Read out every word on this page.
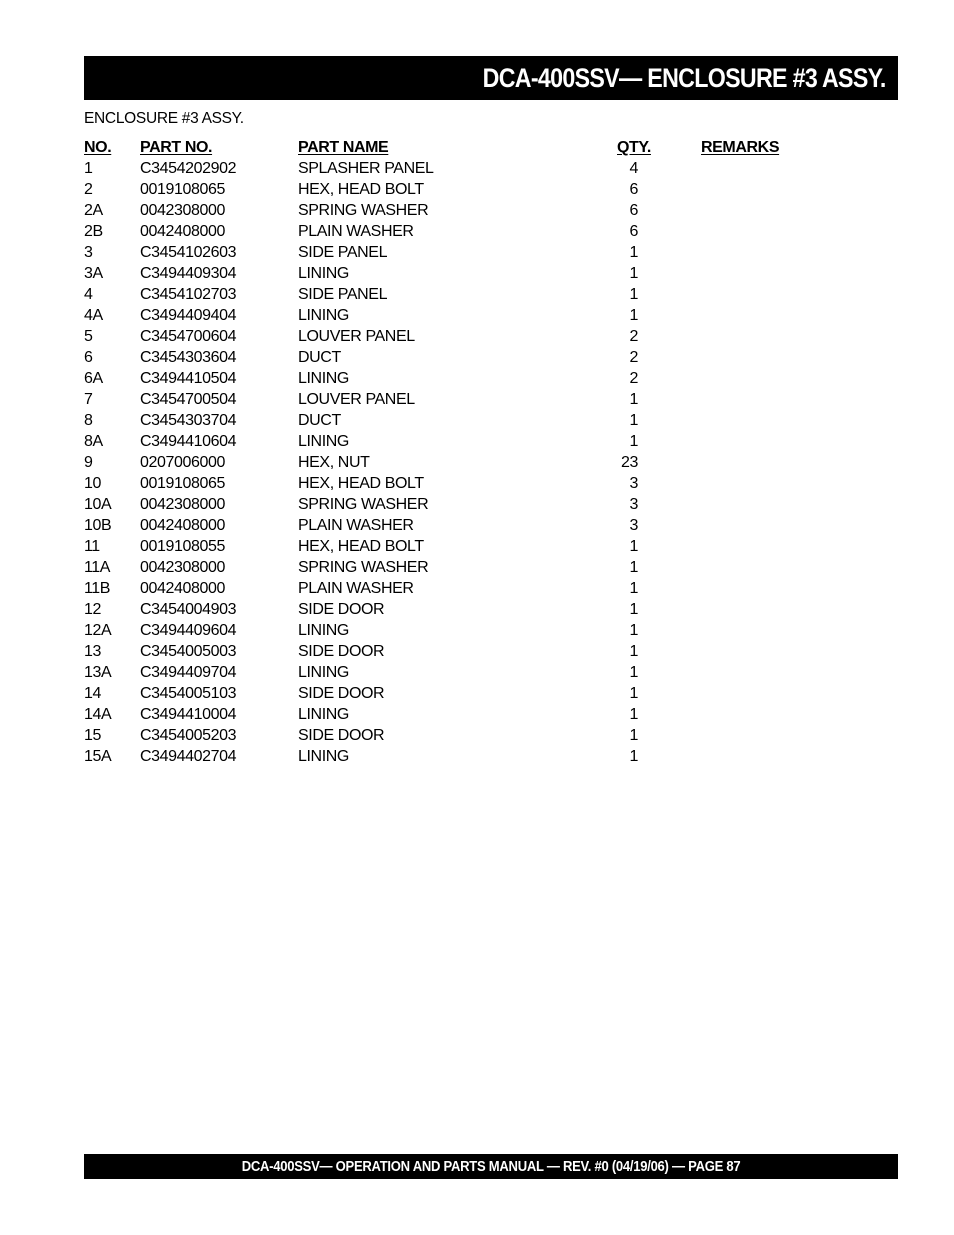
DCA-400SSV— ENCLOSURE #3 ASSY.
ENCLOSURE #3 ASSY.
NO. PART NO.	PART NAME	QTY.	REMARKS
1	C3454202902	SPLASHER PANEL	4
2	0019108065	HEX, HEAD BOLT	6
2A 0042308000	SPRING WASHER	6
2B 0042408000	PLAIN WASHER	6
3	C3454102603	SIDE PANEL	1
3A C3494409304	LINING	1
4	C3454102703	SIDE PANEL	1
4A C3494409404	LINING	1
5	C3454700604	LOUVER PANEL	2
6	C3454303604	DUCT	2
6A C3494410504	LINING	2
7	C3454700504	LOUVER PANEL	1
8	C3454303704	DUCT	1
8A C3494410604	LINING	1
9	0207006000	HEX, NUT	23
10 0019108065	HEX, HEAD BOLT	3
10A 0042308000	SPRING WASHER	3
10B 0042408000	PLAIN WASHER	3
11	0019108055	HEX, HEAD BOLT	1
11A 0042308000	SPRING WASHER	1
11B 0042408000	PLAIN WASHER	1
12 C3454004903	SIDE DOOR	1
12A C3494409604	LINING	1
13 C3454005003	SIDE DOOR	1
13A C3494409704	LINING	1
14 C3454005103	SIDE DOOR	1
14A C3494410004	LINING	1
15 C3454005203	SIDE DOOR	1
15A C3494402704	LINING	1
DCA-400SSV— OPERATION AND PARTS MANUAL — REV. #0 (04/19/06) — PAGE 87
